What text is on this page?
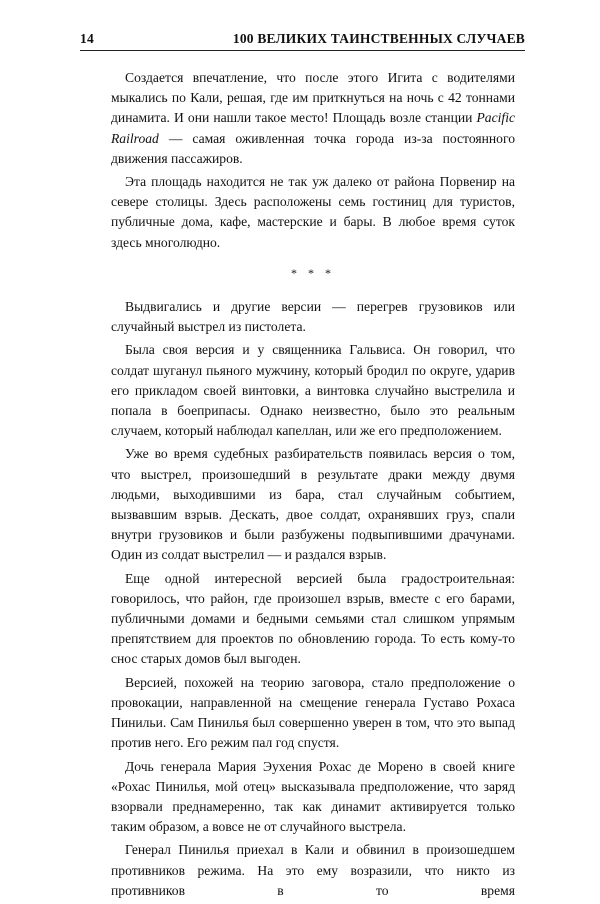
14	100 ВЕЛИКИХ ТАИНСТВЕННЫХ СЛУЧАЕВ

Создается впечатление, что после этого Игита с водителями мыкались по Кали, решая, где им приткнуться на ночь с 42 тоннами динамита. И они нашли такое место! Площадь возле станции Pacific Railroad — самая оживленная точка города из-за постоянного движения пассажиров.

Эта площадь находится не так уж далеко от района Порвенир на севере столицы. Здесь расположены семь гостиниц для туристов, публичные дома, кафе, мастерские и бары. В любое время суток здесь многолюдно.

* * *

Выдвигались и другие версии — перегрев грузовиков или случайный выстрел из пистолета.

Была своя версия и у священника Гальвиса. Он говорил, что солдат шуганул пьяного мужчину, который бродил по округе, ударив его прикладом своей винтовки, а винтовка случайно выстрелила и попала в боеприпасы. Однако неизвестно, было это реальным случаем, который наблюдал капеллан, или же его предположением.

Уже во время судебных разбирательств появилась версия о том, что выстрел, произошедший в результате драки между двумя людьми, выходившими из бара, стал случайным событием, вызвавшим взрыв. Дескать, двое солдат, охранявших груз, спали внутри грузовиков и были разбужены подвыпившими драчунами. Один из солдат выстрелил — и раздался взрыв.

Еще одной интересной версией была градостроительная: говорилось, что район, где произошел взрыв, вместе с его барами, публичными домами и бедными семьями стал слишком упрямым препятствием для проектов по обновлению города. То есть кому-то снос старых домов был выгоден.

Версией, похожей на теорию заговора, стало предположение о провокации, направленной на смещение генерала Густаво Рохаса Пинильи. Сам Пинилья был совершенно уверен в том, что это выпад против него. Его режим пал год спустя.

Дочь генерала Мария Эухения Рохас де Морено в своей книге «Рохас Пинилья, мой отец» высказывала предположение, что заряд взорвали преднамеренно, так как динамит активируется только таким образом, а вовсе не от случайного выстрела.

Генерал Пинилья приехал в Кали и обвинил в произошедшем противников режима. На это ему возразили, что никто из противников в то время
